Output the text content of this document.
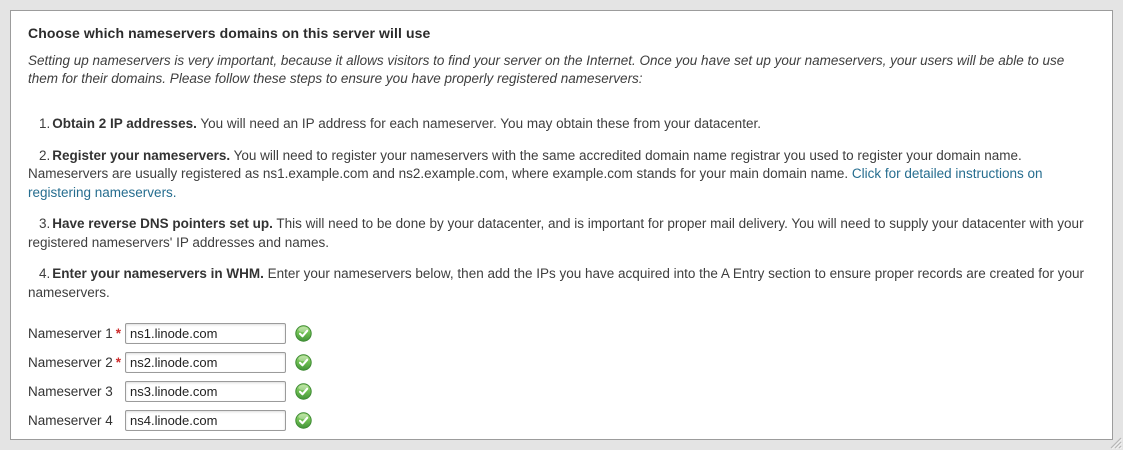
Choose which nameservers domains on this server will use

Setting up nameservers is very important, because it allows visitors to find your server on the Internet. Once you have set up your nameservers, your users will be able to use them for their domains. Please follow these steps to ensure you have properly registered nameservers:

1. Obtain 2 IP addresses. You will need an IP address for each nameserver. You may obtain these from your datacenter.

2. Register your nameservers. You will need to register your nameservers with the same accredited domain name registrar you used to register your domain name. Nameservers are usually registered as ns1.example.com and ns2.example.com, where example.com stands for your main domain name. Click for detailed instructions on registering nameservers.

3. Have reverse DNS pointers set up. This will need to be done by your datacenter, and is important for proper mail delivery. You will need to supply your datacenter with your registered nameservers' IP addresses and names.

4. Enter your nameservers in WHM. Enter your nameservers below, then add the IPs you have acquired into the A Entry section to ensure proper records are created for your nameservers.

Nameserver 1 *
ns1.linode.com
Nameserver 2 *
ns2.linode.com
Nameserver 3
ns3.linode.com
Nameserver 4
ns4.linode.com
